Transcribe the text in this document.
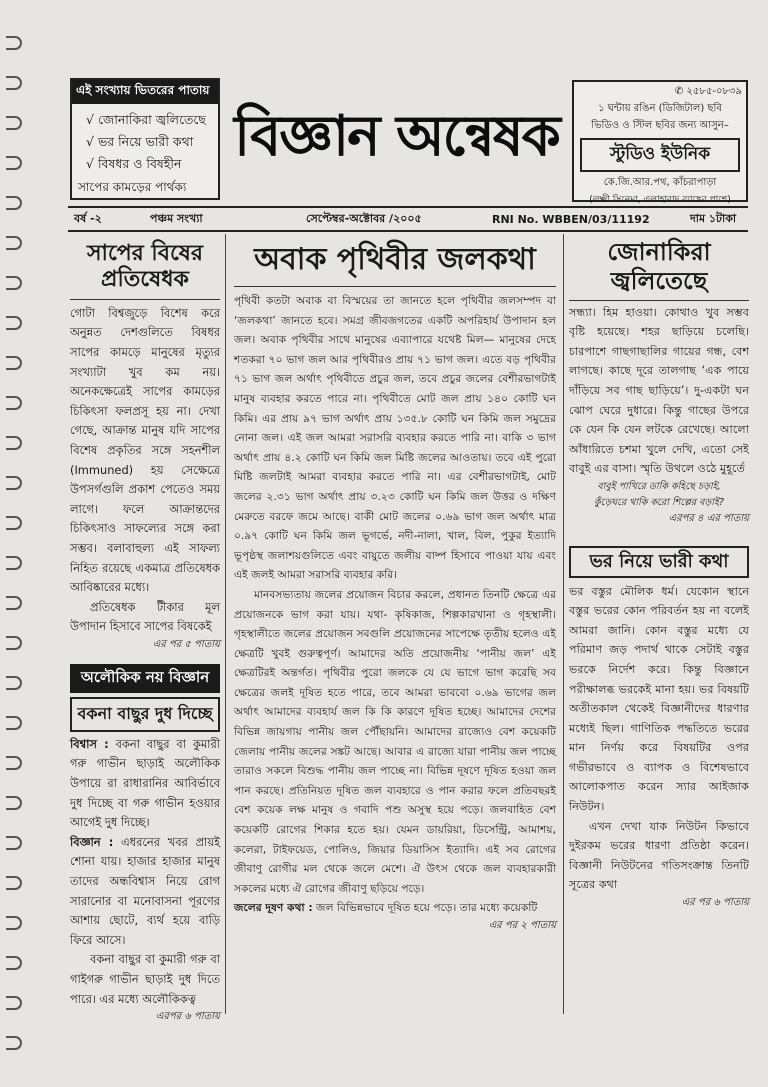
এই সংখ্যায় ভিতরের পাতায়
√ জোনাকিরা জ্বলিতেছে
√ ভর নিয়ে ভারী কথা
√ বিষধর ও বিষহীন
সাপের কামড়ের পার্থক্য
বিজ্ঞান অন্বেষক
✆ ২৫৮৫-০৮৩৯
১ ঘন্টায় রঙিন (ডিজিটাল) ছবি
ভিডিও ও স্টিল ছবির জন্য আসুন–
স্টুডিও ইউনিক
কে.জি.আর.পথ, কাঁচরাপাড়া
(লক্ষ্মী সিনেমা, এলাহাবাদ ব্যাঙ্কের পাশে)
বর্ষ -২	পঞ্চম সংখ্যা	সেপ্টেম্বর-অক্টোবর /২০০৫	RNI No. WBBEN/03/11192	দাম ১টাকা
সাপের বিষের
প্রতিষেধক
গোটা বিশ্বজুড়ে বিশেষ করে অনুন্নত দেশগুলিতে বিষধর সাপের কামড়ে মানুষের মৃত্যুর সংখ্যাটা খুব কম নয়। অনেকক্ষেত্রেই সাপের কামড়ের চিকিৎসা ফলপ্রসূ হয় না। দেখা গেছে, আক্রান্ত মানুষ যদি সাপের বিশেষ প্রকৃতির সঙ্গে সহনশীল (Immuned) হয় সেক্ষেত্রে উপসর্গগুলি প্রকাশ পেতেও সময় লাগে। ফলে আক্রান্তদের চিকিৎসাও সাফল্যের সঙ্গে করা সম্ভব। বলাবাহুল্য এই সাফল্য নিহিত রয়েছে একমাত্র প্রতিষেধক আবিষ্কারের মধ্যে।
প্রতিষেধক টীকার মূল উপাদান হিসাবে সাপের বিষকেই
এর পর ৫ পাতায়
অলৌকিক নয় বিজ্ঞান
বকনা বাছুর দুধ দিচ্ছে
বিশ্বাস : বকনা বাছুর বা কুমারী গরু গাভীন ছাড়াই অলৌকিক উপায়ে রা রাধারানির আবির্ভাবে দুধ দিচ্ছে বা গরু গাভীন হওয়ার আগেই দুধ দিচ্ছে।
বিজ্ঞান : এধরনের খবর প্রায়ই শোনা যায়। হাজার হাজার মানুষ তাদের অন্ধবিশ্বাস নিয়ে রোগ সারানোর বা মনোবাসনা পূরণের আশায় ছোটে, ব্যর্থ হয়ে বাড়ি ফিরে আসে।
বকনা বাছুর বা কুমারী গরু বা গাইগরু গাভীন ছাড়াই দুধ দিতে পারে। এর মধ্যে অলৌকিকত্ব
এরপর ৬ পাতায়
অবাক পৃথিবীর জলকথা
পৃথিবী কতটা অবাক বা বিস্ময়ের তা জানতে হলে পৃথিবীর জলসম্পদ বা ‘জলকথা’ জানতে হবে। সমগ্র জীবজগতের একটি অপরিহার্য উপাদান হল জল। অবাক পৃথিবীর সাথে মানুষের এব্যাপারে যথেষ্ট মিল— মানুষের দেহে শতকরা ৭০ ভাগ জল আর পৃথিবীরও প্রায় ৭১ ভাগ জল। এতে বড় পৃথিবীর ৭১ ভাগ জল অর্থাৎ পৃথিবীতে প্রচুর জল, তবে প্রচুর জলের বেশীরভাগটাই মানুষ ব্যবহার করতে পারে না। পৃথিবীতে মোট জল প্রায় ১৪০ কোটি ঘন কিমি। এর প্রায় ৯৭ ভাগ অর্থাৎ প্রায় ১৩৫.৮ কোটি ঘন কিমি জল সমুদ্রের নোনা জল। এই জল আমরা সরাসরি ব্যবহার করতে পারি না। বাকি ৩ ভাগ অর্থাৎ প্রায় ৪.২ কোটি ঘন কিমি জল মিষ্টি জলের আওতায়। তবে এই পুরো মিষ্টি জলটাই আমরা ব্যবহার করতে পারি না। এর বেশীরভাগটাই, মোট জলের ২.৩১ ভাগ অর্থাৎ প্রায় ৩.২৩ কোটি ঘন কিমি জল উত্তর ও দক্ষিণ মেরুতে বরফে জমে আছে। বাকী মোট জলের ০.৬৯ ভাগ জল অর্থাৎ মাত্র ০.৯৭ কোটি ঘন কিমি জল ভূগর্ভে, নদী-নালা, খাল, বিল, পুকুর ইত্যাদি ভূপৃষ্ঠস্থ জলাশয়গুলিতে এবং বায়ুতে জলীয় বাষ্প হিসাবে পাওয়া যায় এবং এই জলই আমরা সরাসরি ব্যবহার করি।
মানবসভ্যতায় জলের প্রয়োজন বিচার করলে, প্রধানত তিনটি ক্ষেত্রে এর প্রয়োজনকে ভাগ করা যায়। যথা- কৃষিকাজ, শিল্পকারখানা ও গৃহস্থালী। গৃহস্থালীতে জলের প্রয়োজন সবগুলি প্রয়োজনের সাপেক্ষে তৃতীয় হলেও এই ক্ষেত্রটি খুবই গুরুত্বপূর্ণ। আমাদের অতি প্রয়োজনীয় ‘পানীয় জল’ এই ক্ষেত্রটিরই অন্তর্গত। পৃথিবীর পুরো জলকে যে যে ভাগে ভাগ করেছি সব ক্ষেত্রের জলই দূষিত হতে পারে, তবে আমরা ভাববো ০.৬৯ ভাগের জল অর্থাৎ আমাদের ব্যবহার্য জল কি কি কারণে দূষিত হচ্ছে। আমাদের দেশের বিভিন্ন জায়গায় পানীয় জল পৌঁছায়নি। আমাদের রাজ্যেও বেশ কয়েকটি জেলায় পানীয় জলের সঙ্কট আছে। আবার এ রাজ্যে যারা পানীয় জল পাচ্ছে তারাও সকলে বিশুদ্ধ পানীয় জল পাচ্ছে না। বিভিন্ন দূষণে দূষিত হওয়া জল পান করছে। প্রতিনিয়ত দূষিত জল ব্যবহারে ও পান করার ফলে প্রতিবছরই বেশ কয়েক লক্ষ মানুষ ও গবাদি পশু অসুস্থ হয়ে পড়ে। জলবাহিত বেশ কয়েকটি রোগের শিকার হতে হয়। যেমন ডায়রিয়া, ডিসেন্ট্রি, আমাশয়, কলেরা, টাইফয়েড, পোলিও, জিয়ার ডিয়াসিস ইত্যাদি। এই সব রোগের জীবাণু রোগীর মল থেকে জলে মেশে। ঐ উৎস থেকে জল ব্যবহারকারী সকলের মধ্যে ঐ রোগের জীবাণু ছড়িয়ে পড়ে।
জলের দূষণ কথা : জল বিভিন্নভাবে দূষিত হয়ে পড়ে। তার মধ্যে কয়েকটি
এর পর ২ পাতায়
জোনাকিরা
জ্বলিতেছে
সন্ধ্যা। হিম হাওয়া। কোথাও খুব সম্ভব বৃষ্টি হয়েছে। শহর ছাড়িয়ে চলেছি। চারপাশে গাছগাছালির গায়ের গন্ধ, বেশ লাগছে। কাছে দূরে তালগাছ ‘এক পায়ে দাঁড়িয়ে সব গাছ ছাড়িয়ে’। দু-একটা ঘন ঝোপ ঘেরে দুধারে। কিন্তু গাছের উপরে কে যেন কি যেন লটকে রেখেছে। আলো আঁধারিতে চশমা খুলে দেখি, এতো সেই বাবুই এর বাসা। স্মৃতি উথলে ওঠে মুহূর্তে
বাবুই পাখিরে ডাকি কহিছে চড়াই,
কুঁড়েঘরে থাকি করো শিল্পের বড়াই?
এরপর ৪ এর পাতায়
ভর নিয়ে ভারী কথা
ভর বস্তুর মৌলিক ধর্ম। যেকোন স্থানে বস্তুর ভরের কোন পরিবর্তন হয় না বলেই আমরা জানি। কোন বস্তুর মধ্যে যে পরিমাণ জড় পদার্থ থাকে সেটাই বস্তুর ভরকে নির্দেশ করে। কিন্তু বিজ্ঞানে পরীক্ষালব্ধ ভরকেই মানা হয়। ভর বিষয়টি অতীতকাল থেকেই বিজ্ঞানীদের ধারণার মধ্যেই ছিল। গাণিতিক পদ্ধতিতে ভরের মান নির্ণয় করে বিষয়টির ওপর গভীরভাবে ও ব্যাপক ও বিশেষভাবে আলোকপাত করেন স্যার আইজাক নিউটন।
এখন দেখা যাক নিউটন কিভাবে দুইরকম ভরের ধারণা প্রতিষ্ঠা করেন। বিজ্ঞানী নিউটনের গতিসংক্রান্ত তিনটি সূত্রের কথা
এর পর ৬ পাতায়
